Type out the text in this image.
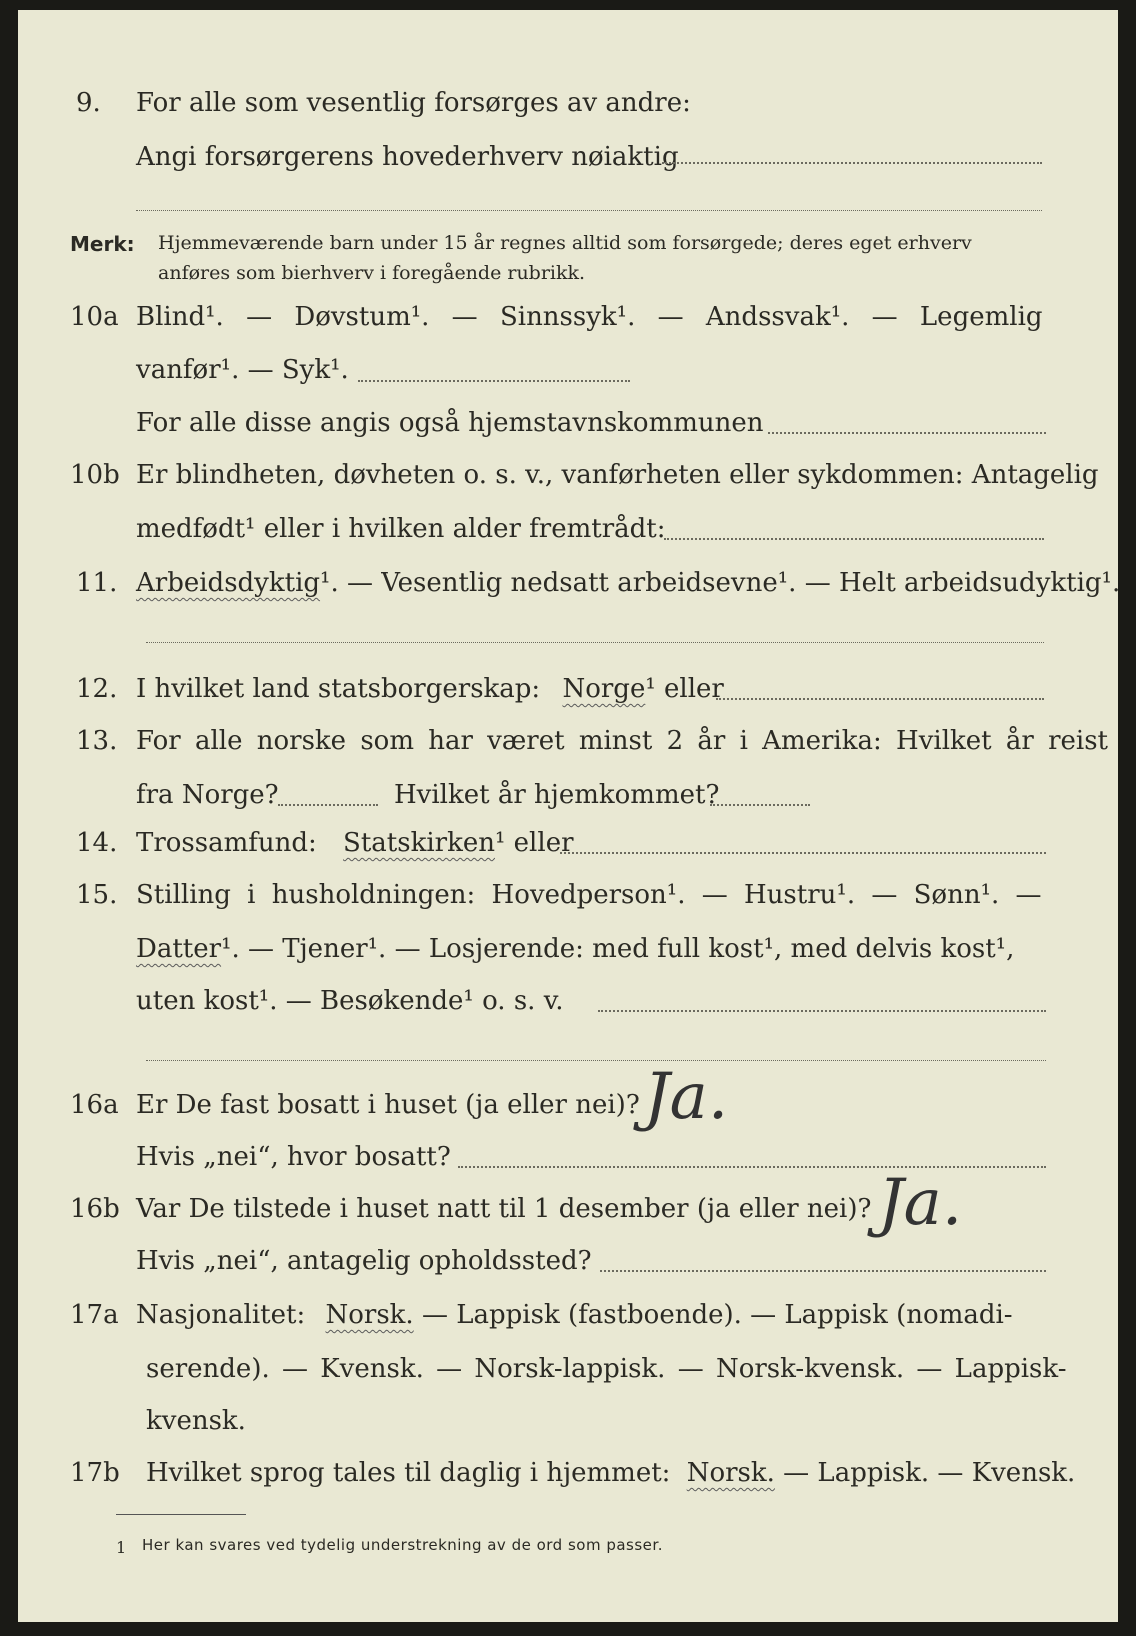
9. For alle som vesentlig forsørges av andre:
Angi forsørgerens hovederhverv nøiaktig
Merk: Hjemmeværende barn under 15 år regnes alltid som forsørgede; deres eget erhverv
anføres som bierhverv i foregående rubrikk.
10a Blind¹. — Døvstum¹. — Sinnssyk¹. — Andssvak¹. — Legemlig
vanfør¹. — Syk¹.
For alle disse angis også hjemstavnskommunen
10b Er blindheten, døvheten o. s. v., vanførheten eller sykdommen: Antagelig
medfødt¹ eller i hvilken alder fremtrådt:
11. Arbeidsdyktig¹. — Vesentlig nedsatt arbeidsevne¹. — Helt arbeidsudyktig¹.
12. I hvilket land statsborgerskap: Norge¹ eller
13. For alle norske som har været minst 2 år i Amerika: Hvilket år reist
fra Norge?	Hvilket år hjemkommet?
14. Trossamfund: Statskirken¹ eller
15. Stilling i husholdningen: Hovedperson¹. — Hustru¹. — Sønn¹. —
Datter¹. — Tjener¹. — Losjerende: med full kost¹, med delvis kost¹,
uten kost¹. — Besøkende¹ o. s. v.
16a Er De fast bosatt i huset (ja eller nei)? Ja.
Hvis „nei“, hvor bosatt?
16b Var De tilstede i huset natt til 1 desember (ja eller nei)? Ja.
Hvis „nei“, antagelig opholdssted?
17a Nasjonalitet: Norsk. — Lappisk (fastboende). — Lappisk (nomadi-
serende). — Kvensk. — Norsk-lappisk. — Norsk-kvensk. — Lappisk-
kvensk.
17b Hvilket sprog tales til daglig i hjemmet: Norsk. — Lappisk. — Kvensk.
1 Her kan svares ved tydelig understrekning av de ord som passer.
